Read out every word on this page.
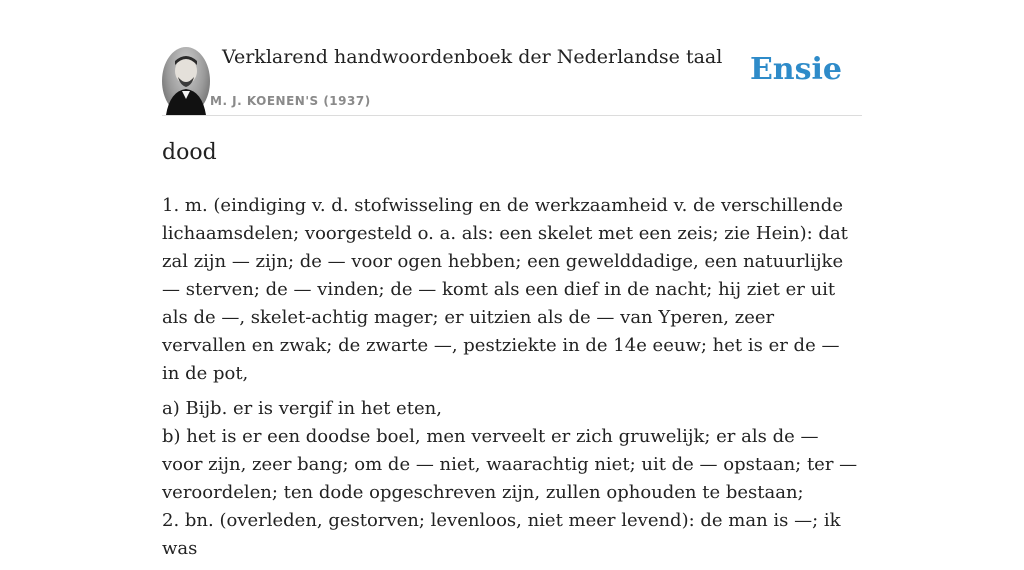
Verklarend handwoordenboek der Nederlandse taal
M. J. KOENEN'S (1937)
Ensie
dood

1. m. (eindiging v. d. stofwisseling en de werkzaamheid v. de verschillende lichaamsdelen; voorgesteld o. a. als: een skelet met een zeis; zie Hein): dat zal zijn — zijn; de — voor ogen hebben; een gewelddadige, een natuurlijke — sterven; de — vinden; de — komt als een dief in de nacht; hij ziet er uit als de —, skelet-achtig mager; er uitzien als de — van Yperen, zeer vervallen en zwak; de zwarte —, pestziekte in de 14e eeuw; het is er de — in de pot,

a) Bijb. er is vergif in het eten,
b) het is er een doodse boel, men verveelt er zich gruwelijk; er als de — voor zijn, zeer bang; om de — niet, waarachtig niet; uit de — opstaan; ter — veroordelen; ten dode opgeschreven zijn, zullen ophouden te bestaan;
2. bn. (overleden, gestorven; levenloos, niet meer levend): de man is —; ik was
